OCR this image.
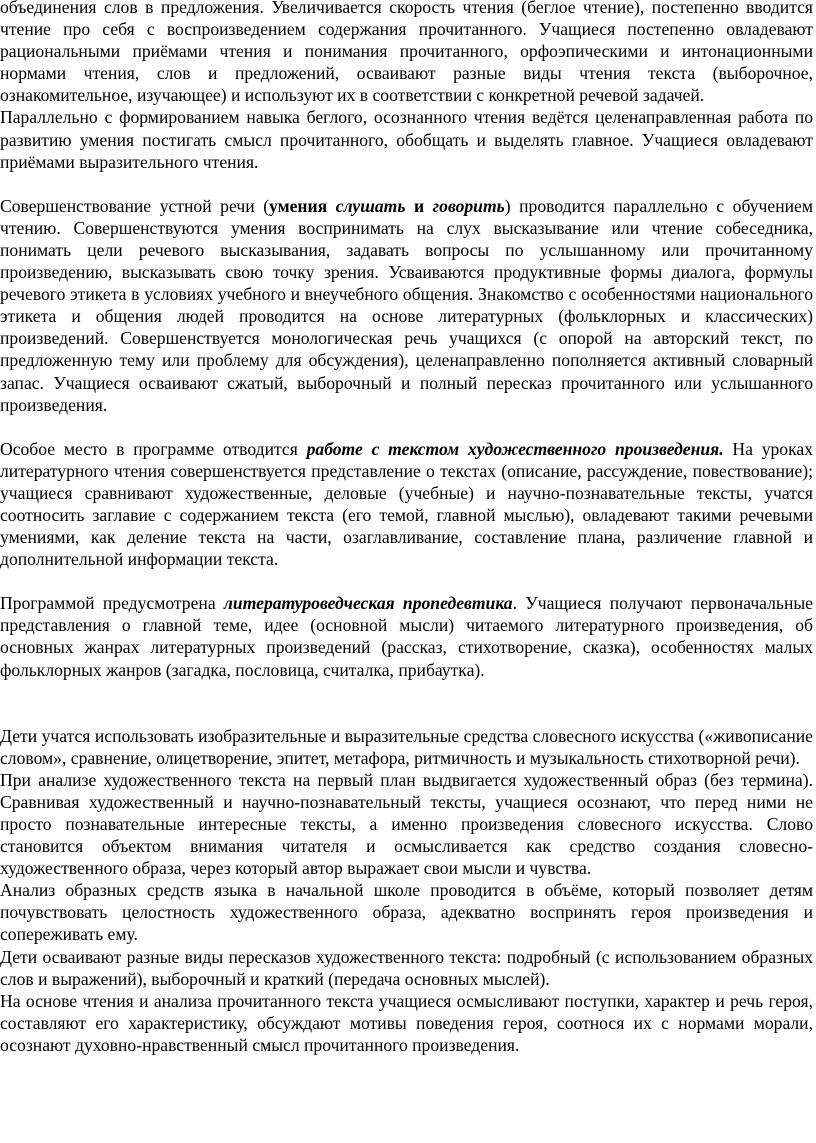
объединения слов в предложения. Увеличивается скорость чтения (беглое чтение), постепенно вводится чтение про себя с воспроизведением содержания прочитанного. Учащиеся постепенно овладевают рациональными приёмами чтения и понимания прочитанного, орфоэпическими и интонационными нормами чтения, слов и предложений, осваивают разные виды чтения текста (выборочное, ознакомительное, изучающее) и используют их в соответствии с конкретной речевой задачей.

Параллельно с формированием навыка беглого, осознанного чтения ведётся целенаправленная работа по развитию умения постигать смысл прочитанного, обобщать и выделять главное. Учащиеся овладевают приёмами выразительного чтения.

Совершенствование устной речи (умения слушать и говорить) проводится параллельно с обучением чтению. Совершенствуются умения воспринимать на слух высказывание или чтение собеседника, понимать цели речевого высказывания, задавать вопросы по услышанному или прочитанному произведению, высказывать свою точку зрения. Усваиваются продуктивные формы диалога, формулы речевого этикета в условиях учебного и внеучебного общения. Знакомство с особенностями национального этикета и общения людей проводится на основе литературных (фольклорных и классических) произведений. Совершенствуется монологическая речь учащихся (с опорой на авторский текст, по предложенную тему или проблему для обсуждения), целенаправленно пополняется активный словарный запас. Учащиеся осваивают сжатый, выборочный и полный пересказ прочитанного или услышанного произведения.

Особое место в программе отводится работе с текстом художественного произведения. На уроках литературного чтения совершенствуется представление о текстах (описание, рассуждение, повествование); учащиеся сравнивают художественные, деловые (учебные) и научно-познавательные тексты, учатся соотносить заглавие с содержанием текста (его темой, главной мыслью), овладевают такими речевыми умениями, как деление текста на части, озаглавливание, составление плана, различение главной и дополнительной информации текста.

Программой предусмотрена литературоведческая пропедевтика. Учащиеся получают первоначальные представления о главной теме, идее (основной мысли) читаемого литературного произведения, об основных жанрах литературных произведений (рассказ, стихотворение, сказка), особенностях малых фольклорных жанров (загадка, пословица, считалка, прибаутка).

Дети учатся использовать изобразительные и выразительные средства словесного искусства («живописание словом», сравнение, олицетворение, эпитет, метафора, ритмичность и музыкальность стихотворной речи).

При анализе художественного текста на первый план выдвигается художественный образ (без термина). Сравнивая художественный и научно-познавательный тексты, учащиеся осознают, что перед ними не просто познавательные интересные тексты, а именно произведения словесного искусства. Слово становится объектом внимания читателя и осмысливается как средство создания словесно-художественного образа, через который автор выражает свои мысли и чувства.

Анализ образных средств языка в начальной школе проводится в объёме, который позволяет детям почувствовать целостность художественного образа, адекватно воспринять героя произведения и сопереживать ему.

Дети осваивают разные виды пересказов художественного текста: подробный (с использованием образных слов и выражений), выборочный и краткий (передача основных мыслей).

На основе чтения и анализа прочитанного текста учащиеся осмысливают поступки, характер и речь героя, составляют его характеристику, обсуждают мотивы поведения героя, соотнося их с нормами морали, осознают духовно-нравственный смысл прочитанного произведения.
